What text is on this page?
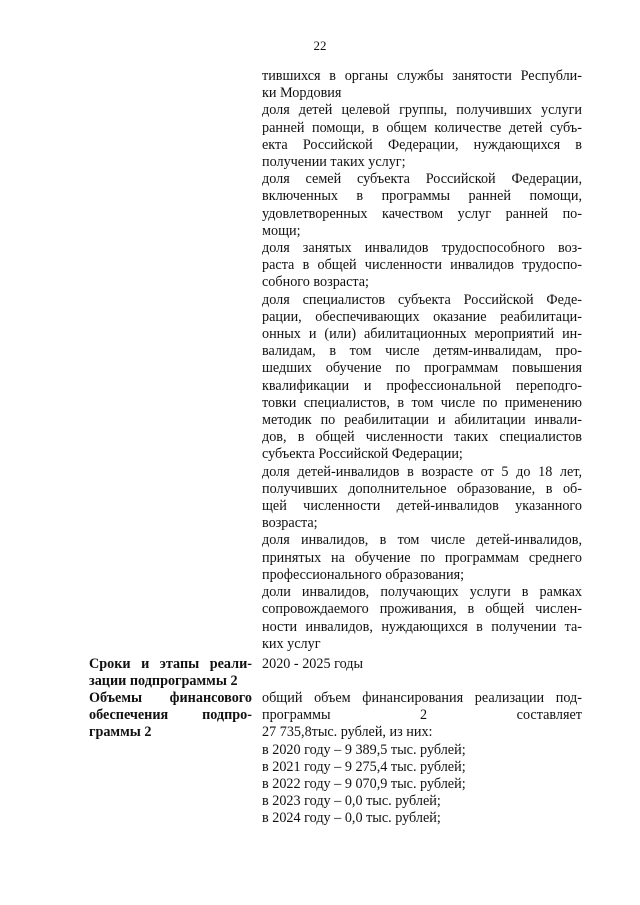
22

тившихся в органы службы занятости Республи-
ки Мордовия

доля детей целевой группы, получивших услуги
ранней помощи, в общем количестве детей субъ-
екта Российской Федерации, нуждающихся в
получении таких услуг;

доля семей субъекта Российской Федерации,
включенных в программы ранней помощи,
удовлетворенных качеством услуг ранней по-
мощи;

доля занятых инвалидов трудоспособного воз-
раста в общей численности инвалидов трудоспо-
собного возраста;

доля специалистов субъекта Российской Феде-
рации, обеспечивающих оказание реабилитаци-
онных и (или) абилитационных мероприятий ин-
валидам, в том числе детям-инвалидам, про-
шедших обучение по программам повышения
квалификации и профессиональной переподго-
товки специалистов, в том числе по применению
методик по реабилитации и абилитации инвали-
дов, в общей численности таких специалистов
субъекта Российской Федерации;

доля детей-инвалидов в возрасте от 5 до 18 лет,
получивших дополнительное образование, в об-
щей численности детей-инвалидов указанного
возраста;

доля инвалидов, в том числе детей-инвалидов,
принятых на обучение по программам среднего
профессионального образования;

доли инвалидов, получающих услуги в рамках
сопровождаемого проживания, в общей числен-
ности инвалидов, нуждающихся в получении та-
ких услуг

Сроки и этапы реали-
зации подпрограммы 2
2020 - 2025 годы
Объемы финансового
обеспечения подпро-
граммы 2
общий объем финансирования реализации под-
программы 2 составляет
27 735,8тыс. рублей, из них:
в 2020 году – 9 389,5 тыс. рублей;
в 2021 году – 9 275,4 тыс. рублей;
в 2022 году – 9 070,9 тыс. рублей;
в 2023 году – 0,0 тыс. рублей;
в 2024 году – 0,0 тыс. рублей;
